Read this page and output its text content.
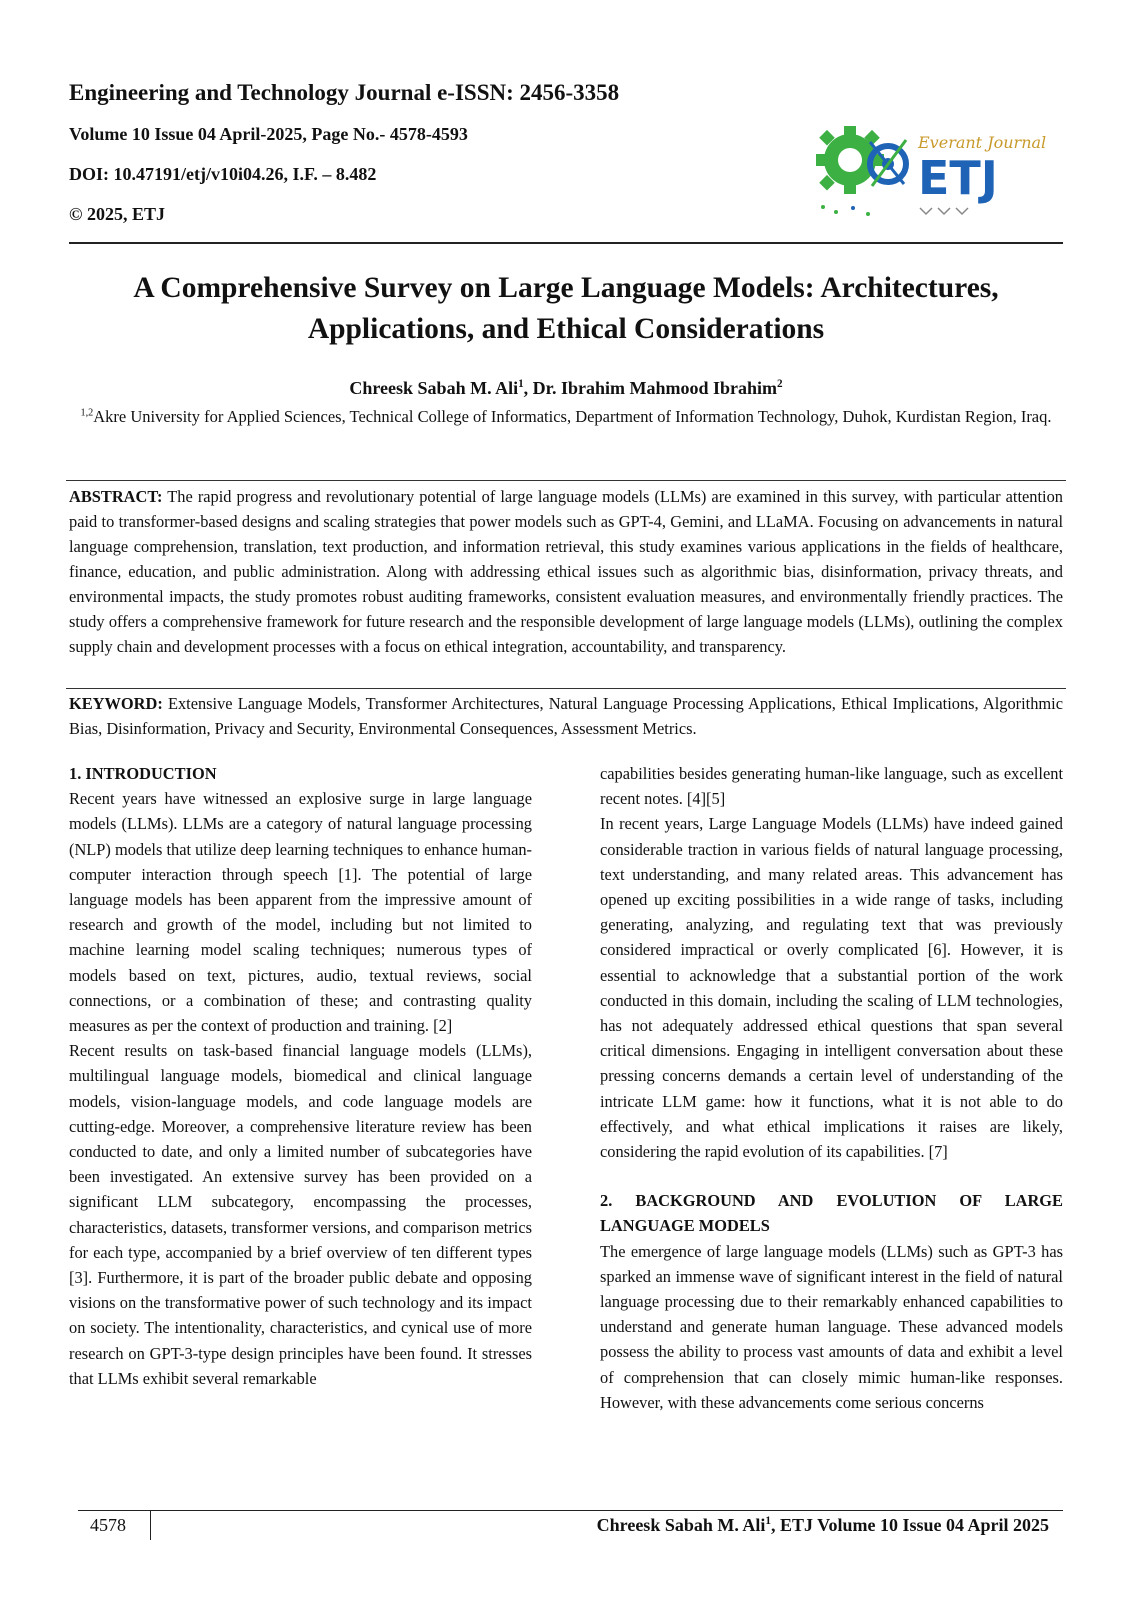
Engineering and Technology Journal e-ISSN: 2456-3358
Volume 10 Issue 04 April-2025, Page No.- 4578-4593
DOI: 10.47191/etj/v10i04.26, I.F. – 8.482
© 2025, ETJ
Everant Journal
ETJ
A Comprehensive Survey on Large Language Models: Architectures,
Applications, and Ethical Considerations
Chreesk Sabah M. Ali$^1$, Dr. Ibrahim Mahmood Ibrahim$^2$
$^{1,2}$Akre University for Applied Sciences, Technical College of Informatics, Department of Information Technology, Duhok, Kurdistan Region, Iraq.
ABSTRACT: The rapid progress and revolutionary potential of large language models (LLMs) are examined in this survey, with particular attention paid to transformer-based designs and scaling strategies that power models such as GPT-4, Gemini, and LLaMA. Focusing on advancements in natural language comprehension, translation, text production, and information retrieval, this study examines various applications in the fields of healthcare, finance, education, and public administration. Along with addressing ethical issues such as algorithmic bias, disinformation, privacy threats, and environmental impacts, the study promotes robust auditing frameworks, consistent evaluation measures, and environmentally friendly practices. The study offers a comprehensive framework for future research and the responsible development of large language models (LLMs), outlining the complex supply chain and development processes with a focus on ethical integration, accountability, and transparency.
KEYWORD: Extensive Language Models, Transformer Architectures, Natural Language Processing Applications, Ethical Implications, Algorithmic Bias, Disinformation, Privacy and Security, Environmental Consequences, Assessment Metrics.

1. INTRODUCTION

Recent years have witnessed an explosive surge in large language models (LLMs). LLMs are a category of natural language processing (NLP) models that utilize deep learning techniques to enhance human-computer interaction through speech [1]. The potential of large language models has been apparent from the impressive amount of research and growth of the model, including but not limited to machine learning model scaling techniques; numerous types of models based on text, pictures, audio, textual reviews, social connections, or a combination of these; and contrasting quality measures as per the context of production and training. [2]

Recent results on task-based financial language models (LLMs), multilingual language models, biomedical and clinical language models, vision-language models, and code language models are cutting-edge. Moreover, a comprehensive literature review has been conducted to date, and only a limited number of subcategories have been investigated. An extensive survey has been provided on a significant LLM subcategory, encompassing the processes, characteristics, datasets, transformer versions, and comparison metrics for each type, accompanied by a brief overview of ten different types [3]. Furthermore, it is part of the broader public debate and opposing visions on the transformative power of such technology and its impact on society. The intentionality, characteristics, and cynical use of more research on GPT-3-type design principles have been found. It stresses that LLMs exhibit several remarkable

capabilities besides generating human-like language, such as excellent recent notes. [4][5]

In recent years, Large Language Models (LLMs) have indeed gained considerable traction in various fields of natural language processing, text understanding, and many related areas. This advancement has opened up exciting possibilities in a wide range of tasks, including generating, analyzing, and regulating text that was previously considered impractical or overly complicated [6]. However, it is essential to acknowledge that a substantial portion of the work conducted in this domain, including the scaling of LLM technologies, has not adequately addressed ethical questions that span several critical dimensions. Engaging in intelligent conversation about these pressing concerns demands a certain level of understanding of the intricate LLM game: how it functions, what it is not able to do effectively, and what ethical implications it raises are likely, considering the rapid evolution of its capabilities. [7]

2. BACKGROUND AND EVOLUTION OF LARGE LANGUAGE MODELS

The emergence of large language models (LLMs) such as GPT-3 has sparked an immense wave of significant interest in the field of natural language processing due to their remarkably enhanced capabilities to understand and generate human language. These advanced models possess the ability to process vast amounts of data and exhibit a level of comprehension that can closely mimic human-like responses. However, with these advancements come serious concerns

4578	Chreesk Sabah M. Ali$^1$, ETJ Volume 10 Issue 04 April 2025
